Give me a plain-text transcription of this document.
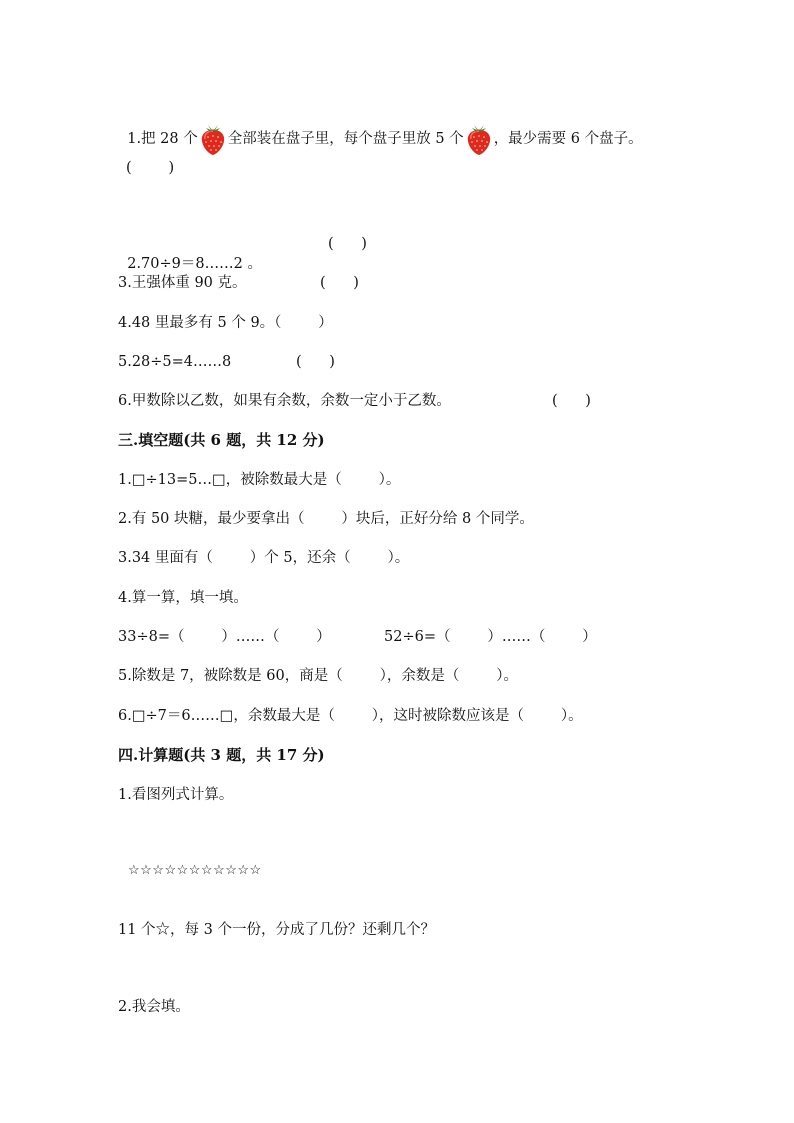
1.把 28 个 全部装在盘子里，每个盘子里放 5 个 ，最少需要 6 个盘子。

(        )

2.70÷9＝8……2 。

(      )
3.王强体重 90 克。	(      )
4.48 里最多有 5 个 9。（        ）
5.28÷5=4……8	(      )
6.甲数除以乙数，如果有余数，余数一定小于乙数。	(      )
三.填空题(共 6 题，共 12 分)
1.□÷13=5…□，被除数最大是（        ）。
2.有 50 块糖，最少要拿出（        ）块后，正好分给 8 个同学。
3.34 里面有（        ）个 5，还余（        ）。
4.算一算，填一填。
33÷8=（        ）……（        ）	52÷6=（        ）……（        ）
5.除数是 7，被除数是 60，商是（        ），余数是（        ）。
6.□÷7＝6……□，余数最大是（        ），这时被除数应该是（        ）。
四.计算题(共 3 题，共 17 分)
1.看图列式计算。
☆☆☆☆☆☆☆☆☆☆☆
11 个☆，每 3 个一份，分成了几份？还剩几个？
2.我会填。
